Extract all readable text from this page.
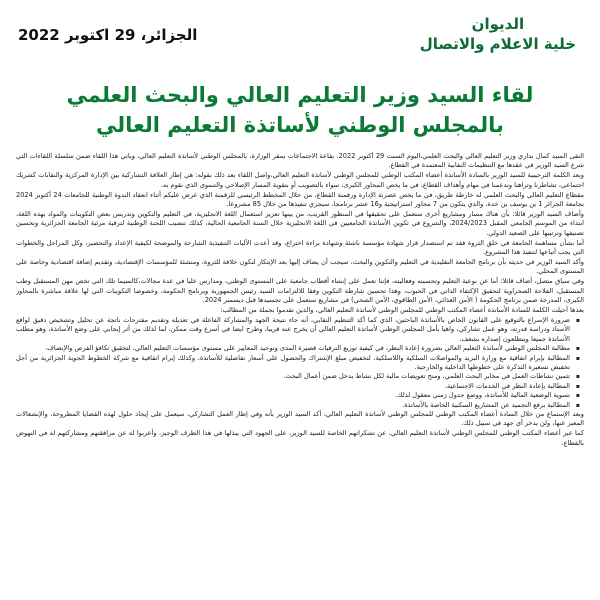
الديوان
خلية الاعلام والاتصال
الجزائر، 29 اكتوبر 2022
لقاء السيد وزير التعليم العالي والبحث العلمي
بالمجلس الوطني لأساتذة التعليم العالي

التقى السيد كمال بداري وزير التعليم العالي والبحث العلمي،اليوم السبت 29 أكتوبر 2022، بقاعة الاجتماعات بمقر الوزارة، بالمجلس الوطني لأساتذة التعليم العالي، وياتي هذا اللقاء ضمن سلسلة اللقاءات التي شرع السيد الوزير في عقدها مع التنظيمات النقابية المعتمدة في القطاع.

وبعد الكلمة الترحيبية للسيد الوزير بالسادة الأساتذة أعضاء المكتب الوطني للمجلس الوطني لأساتذة التعليم العالي،واصل اللقاء بعد ذلك بقوله: هي إطار العلاقة التشاركية بين الإدارة المركزية والنقابات كشريك اجتماعي، تشاطرنا وتراهنا وندعمنا في مهام وأهداف القطاع، في ما يخص المحاور الكبرى، سواء بالتصويب أو بتقوية المسار الإصلاحي والتنموي الذي نقوم به.

مقطاع التعليم العالي والبحث العلمي له خارطة طريق، في ما يخص عصرنة الإدارة ورقمنة القطاع، من خلال المخطط الرئيسي للرقمنة الذي عرض عليكم أثناء انعقاد الندوة الوطنية للجامعات 24 أكتوبر 2024 بجامعة الجزائر 1 بن يوسف بن خدة، والذي يتكون من 7 محاور استراتيجية و16 عشر برنامجا، سيجري تنفيذها من خلال 85 مشروعا.

وأضاف السيد الوزير قائلا: بأن هناك مسار ومشاريع أخرى ستعمل على تحقيقها في المنظور القريب، من بينها تعزيز استعمال اللغة الانجليزية، في التعليم والتكوين وتدريس بعض التكوينات والمواد بهذه اللغة، ابتداء من الموسم الجامعي المقبل 2024/2023، والشروع في تكوين الأساتذة الجامعيين في اللغة الانجليزية خلال السنة الجامعية الحالية، كذلك تنصيب اللجنة الوطنية لترقية مرئية الجامعة الجزائرية وتحسين تصنيفها وترتيبها على الصعيد الدولي.

أما بشأن مساهمة الجامعة في خلق الثروة فقد تم استصدار قرار شهادة مؤسسة ناشئة وشهادة براءة اختراع، وقد أعدت الآليات التنفيذية الشارحة والموضحة لكيفية الإعداد والتحضير، وكل المراحل والخطوات التي يجب أتباعها لتنفيذ هذا المشروع.

وأكد السيد الوزير في حديثه بأن برنامج الجامعة التقليدية في التعليم والتكوين والبحث، سيجب أن يضاف إليها بعد الإبتكار لتكون خلاقة للثروة، ومنشئة للمؤسسات الإقتصادية، وتقديم إضافة اقتصادية وخاصة على المستوى المحلي.

وفي سياق متصل، أضاف قائلا: أما عن نوعية التعليم وتحسينه وفعاليته، فإننا نعمل على إنشاء أقطاب جامعية على المستوى الوطني، ومدارس عليا في عدة مجالات،كالسيما تلك التي تخص مهن المستقبل وطب المستقبل، الفلاحة الصحراوية لتحقيق الإكتفاء الذاتي في الحبوب، وهذا تحسين شارطة التكوين وفقا للالتزامات السيد رئيس الجمهورية وبرنامج الحكومة، وخصوصا التكوينات التي لها علاقة مباشرة بالمحاور الكبرى، المدرجة ضمن برنامج الحكومة ( الأمن الغذائي، الأمن الطاقوي، الأمن الصحي) في مشاريع ستعمل على تجسيدها قبل ديسمبر 2024.

بعدها أحيلت الكلمة للسادة الأساتذة أعضاء المكتب الوطني للمجلس الوطني لأساتذة التعليم العالي، والذين تقدموا بجملة من المطالب:

▪ ضرورة الإسراع بالتوقيع على القانون الخاص بالأساتذة الباحثين، الذي كما أكد التنظيم النقابي، أنه جاء نتيجة الجهد والمشاركة الفاعلة في تعديله وتقديم مقترحات ناتجة عن تحليل وتشخيص دقيق لواقع الأستاذ ودراسة قدرته، وهو عمل تشاركي، واهيا بأمل المجلس الوطني لأساتذة التعليم العالي أن يخرج عنه قريبا، وطرح ايضا في أسرع وقت ممكن، لما لذلك من أثر إيجابي على وضع الأساتذة، وهو مطلب الأساتذة جميعا ويتطلعون إصداره بشغف.
▪ مطالبة المجلس الوطني لأساتذة التعليم العالي بضرورة إعادة النظر، في كيفية توزيع الترقيات قصيرة المدى وتوحيد المعايير على مستوى مؤسسات التعليم العالي، لتحقيق تكافؤ الفرص والإنصاف.
▪ المطالبة بإبرام اتفاقية مع وزارة البريد والمواصلات السلكية واللاسلكية، لتخفيض مبلغ الإشتراك والحصول على أسعار تفاضلية للأساتذة، وكذلك إبرام اتفاقية مع شركة الخطوط الجوية الجزائرية من أجل تخفيض تسعيرة التذكرة على خطوطها الداخلية والخارجية.
▪ تثمين نشاطات العمل في مخابر البحث العلمي، ومنح تعويضات مالية لكل نشاط يدخل ضمن أعمال البحث.
▪ المطالبة بإعادة النظر في الخدمات الاجتماعية.
▪ تسوية الوضعية المالية للأساتذة، ووضع جدول زمني معقول لذلك.
▪ المطالبة برفع التجميد عن المشاريع السكنية الخاصة بالأساتذة.

وبعد الإستماع من خلال السادة أعضاء المكتب الوطني للمجلس الوطني لأساتذة التعليم العالي، أكد السيد الوزير بأنه وفي إطار العمل التشاركي، سيعمل على إيجاد حلول لهذه القضايا المطروحة، والإنشغالات المعبر عنها، ولن يدخر أي جهد في سبيل ذلك.

كما عبر أعضاء المكتب الوطني للمجلس الوطني لأساتذة التعليم العالي، عن تشكراتهم الخاصة للسيد الوزير، على الجهود التي يبذلها في هذا الظرف الوجيز، وأعربوا له عن مرافقتهم ومشاركتهم له في النهوض بالقطاع.
